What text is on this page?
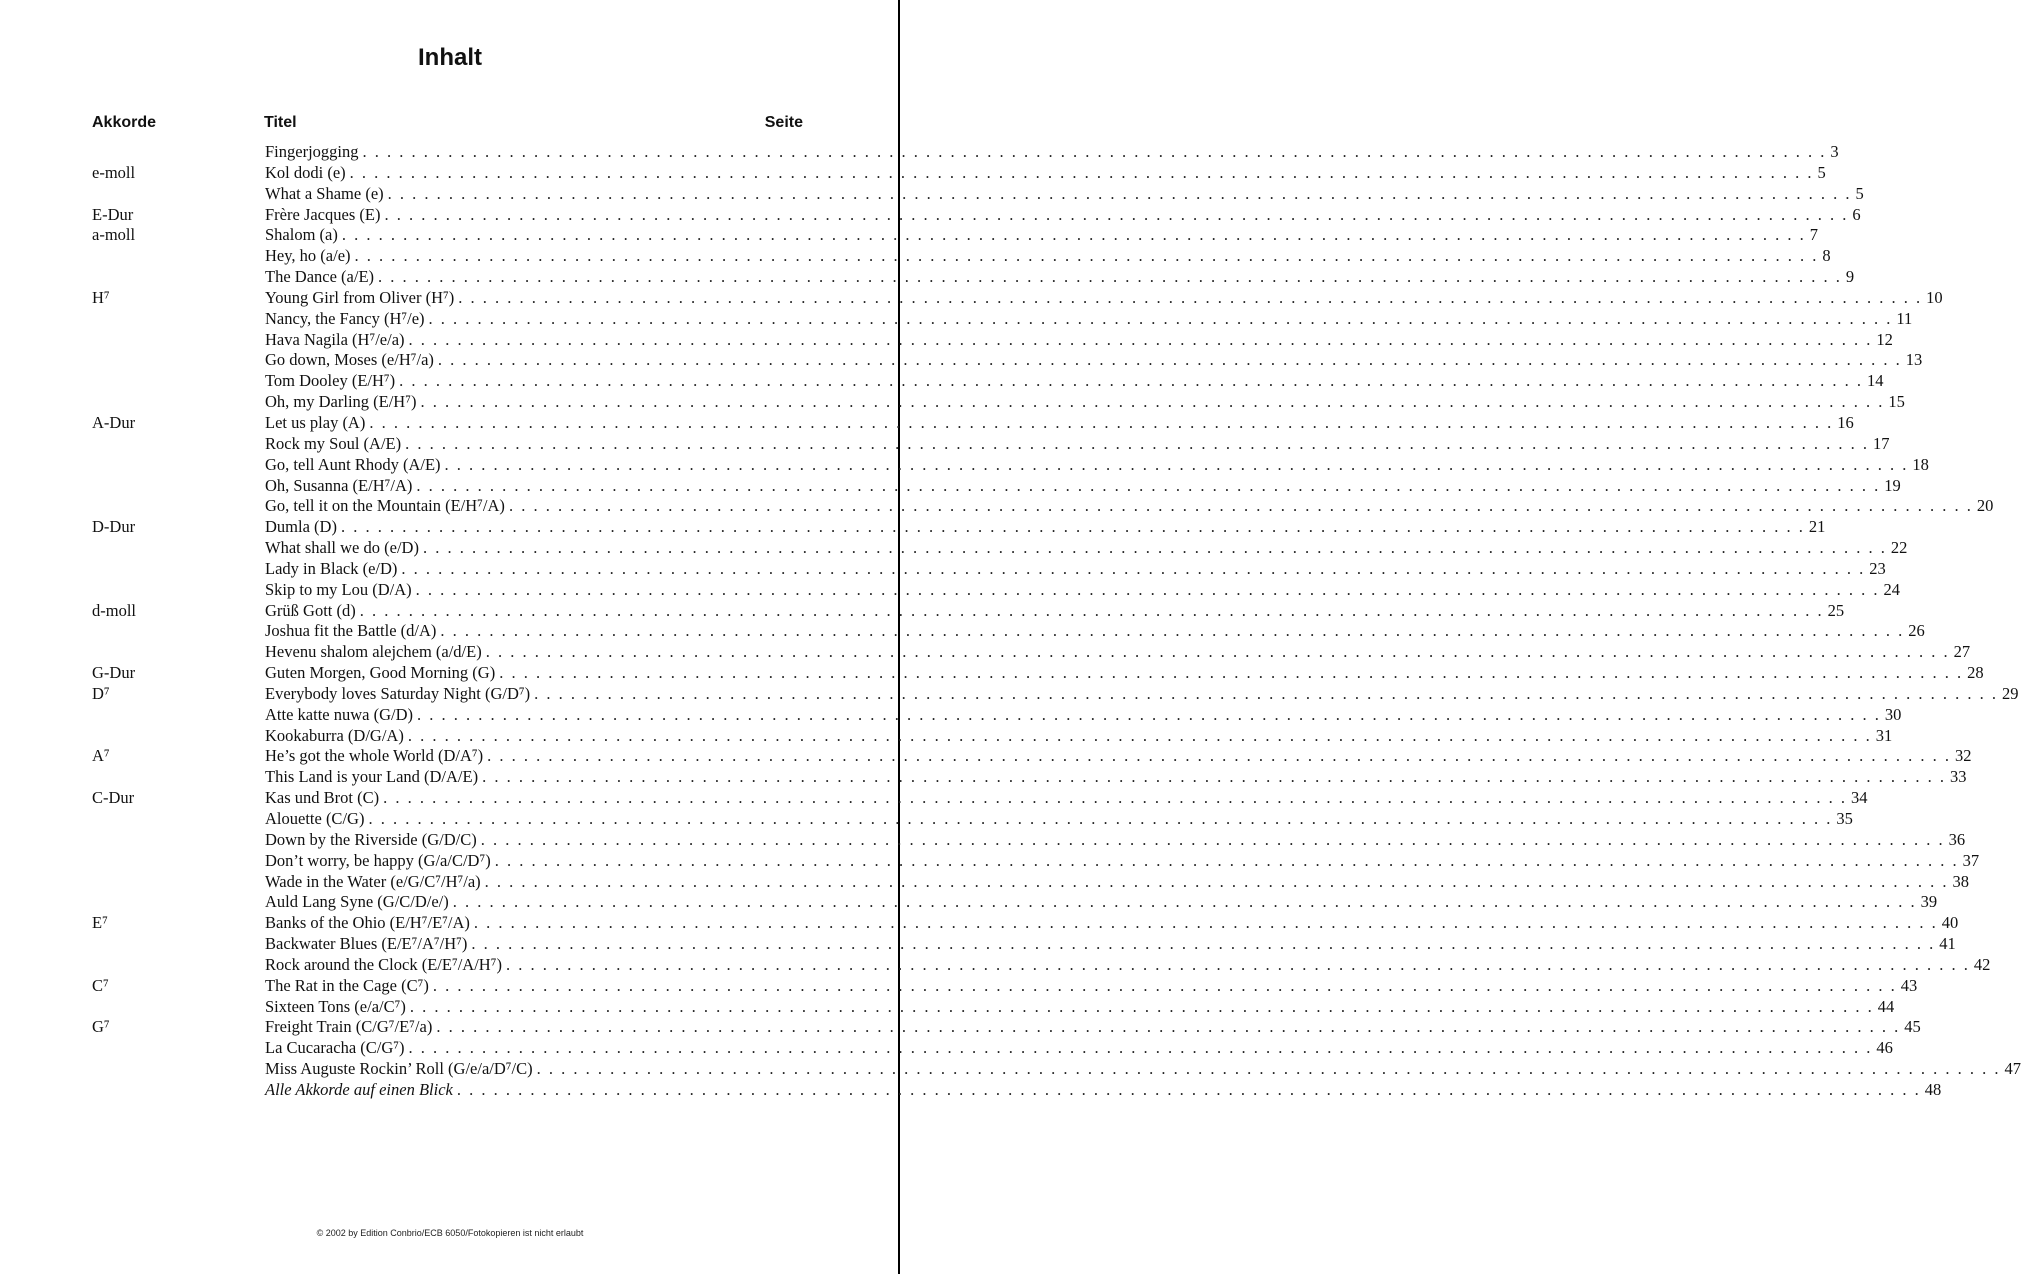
Inhalt
Akkorde	Titel	Seite
Fingerjogging . . . . . . . . . . . . . . . . . . . . . . . . . . . . . . . . . . . . . . . . . . . . . . . . . . . . . . . . . . . . . . . . . . . . . . . . . . . . . . . . . . . . . . . . . . . . . . . . . . . . . . . . . . . . . . . . . . . . . . . . 3
e-moll	Kol dodi (e) . . . . . . . . . . . . . . . . . . . . . . . . . . . . . . . . . . . . . . . . . . . . . . . . . . . . . . . . . . . . . . . . . . . . . . . . . . . . . . . . . . . . . . . . . . . . . . . . . . . . . . . . . . . . . . . . . . . . . . . . 5
What a Shame (e) . . . . . . . . . . . . . . . . . . . . . . . . . . . . . . . . . . . . . . . . . . . . . . . . . . . . . . . . . . . . . . . . . . . . . . . . . . . . . . . . . . . . . . . . . . . . . . . . . . . . . . . . . . . . . . . . . . . . . . . . 5
E-Dur	Frère Jacques (E) . . . . . . . . . . . . . . . . . . . . . . . . . . . . . . . . . . . . . . . . . . . . . . . . . . . . . . . . . . . . . . . . . . . . . . . . . . . . . . . . . . . . . . . . . . . . . . . . . . . . . . . . . . . . . . . . . . . . . . . . 6
a-moll	Shalom (a) . . . . . . . . . . . . . . . . . . . . . . . . . . . . . . . . . . . . . . . . . . . . . . . . . . . . . . . . . . . . . . . . . . . . . . . . . . . . . . . . . . . . . . . . . . . . . . . . . . . . . . . . . . . . . . . . . . . . . . . . 7
Hey, ho (a/e) . . . . . . . . . . . . . . . . . . . . . . . . . . . . . . . . . . . . . . . . . . . . . . . . . . . . . . . . . . . . . . . . . . . . . . . . . . . . . . . . . . . . . . . . . . . . . . . . . . . . . . . . . . . . . . . . . . . . . . . . 8
The Dance (a/E) . . . . . . . . . . . . . . . . . . . . . . . . . . . . . . . . . . . . . . . . . . . . . . . . . . . . . . . . . . . . . . . . . . . . . . . . . . . . . . . . . . . . . . . . . . . . . . . . . . . . . . . . . . . . . . . . . . . . . . . . 9
H⁷	Young Girl from Oliver (H⁷) . . . . . . . . . . . . . . . . . . . . . . . . . . . . . . . . . . . . . . . . . . . . . . . . . . . . . . . . . . . . . . . . . . . . . . . . . . . . . . . . . . . . . . . . . . . . . . . . . . . . . . . . . . . . . . . . . . . . . . . . 10
Nancy, the Fancy (H⁷/e) . . . . . . . . . . . . . . . . . . . . . . . . . . . . . . . . . . . . . . . . . . . . . . . . . . . . . . . . . . . . . . . . . . . . . . . . . . . . . . . . . . . . . . . . . . . . . . . . . . . . . . . . . . . . . . . . . . . . . . . . 11
Hava Nagila (H⁷/e/a) . . . . . . . . . . . . . . . . . . . . . . . . . . . . . . . . . . . . . . . . . . . . . . . . . . . . . . . . . . . . . . . . . . . . . . . . . . . . . . . . . . . . . . . . . . . . . . . . . . . . . . . . . . . . . . . . . . . . . . . . 12
Go down, Moses (e/H⁷/a) . . . . . . . . . . . . . . . . . . . . . . . . . . . . . . . . . . . . . . . . . . . . . . . . . . . . . . . . . . . . . . . . . . . . . . . . . . . . . . . . . . . . . . . . . . . . . . . . . . . . . . . . . . . . . . . . . . . . . . . . 13
Tom Dooley (E/H⁷) . . . . . . . . . . . . . . . . . . . . . . . . . . . . . . . . . . . . . . . . . . . . . . . . . . . . . . . . . . . . . . . . . . . . . . . . . . . . . . . . . . . . . . . . . . . . . . . . . . . . . . . . . . . . . . . . . . . . . . . . 14
Oh, my Darling (E/H⁷) . . . . . . . . . . . . . . . . . . . . . . . . . . . . . . . . . . . . . . . . . . . . . . . . . . . . . . . . . . . . . . . . . . . . . . . . . . . . . . . . . . . . . . . . . . . . . . . . . . . . . . . . . . . . . . . . . . . . . . . . 15
A-Dur	Let us play (A) . . . . . . . . . . . . . . . . . . . . . . . . . . . . . . . . . . . . . . . . . . . . . . . . . . . . . . . . . . . . . . . . . . . . . . . . . . . . . . . . . . . . . . . . . . . . . . . . . . . . . . . . . . . . . . . . . . . . . . . . 16
Rock my Soul (A/E) . . . . . . . . . . . . . . . . . . . . . . . . . . . . . . . . . . . . . . . . . . . . . . . . . . . . . . . . . . . . . . . . . . . . . . . . . . . . . . . . . . . . . . . . . . . . . . . . . . . . . . . . . . . . . . . . . . . . . . . . 17
Go, tell Aunt Rhody (A/E) . . . . . . . . . . . . . . . . . . . . . . . . . . . . . . . . . . . . . . . . . . . . . . . . . . . . . . . . . . . . . . . . . . . . . . . . . . . . . . . . . . . . . . . . . . . . . . . . . . . . . . . . . . . . . . . . . . . . . . . . 18
Oh, Susanna (E/H⁷/A) . . . . . . . . . . . . . . . . . . . . . . . . . . . . . . . . . . . . . . . . . . . . . . . . . . . . . . . . . . . . . . . . . . . . . . . . . . . . . . . . . . . . . . . . . . . . . . . . . . . . . . . . . . . . . . . . . . . . . . . . 19
Go, tell it on the Mountain (E/H⁷/A) . . . . . . . . . . . . . . . . . . . . . . . . . . . . . . . . . . . . . . . . . . . . . . . . . . . . . . . . . . . . . . . . . . . . . . . . . . . . . . . . . . . . . . . . . . . . . . . . . . . . . . . . . . . . . . . . . . . . . . . . 20
D-Dur	Dumla (D) . . . . . . . . . . . . . . . . . . . . . . . . . . . . . . . . . . . . . . . . . . . . . . . . . . . . . . . . . . . . . . . . . . . . . . . . . . . . . . . . . . . . . . . . . . . . . . . . . . . . . . . . . . . . . . . . . . . . . . . . 21
What shall we do (e/D) . . . . . . . . . . . . . . . . . . . . . . . . . . . . . . . . . . . . . . . . . . . . . . . . . . . . . . . . . . . . . . . . . . . . . . . . . . . . . . . . . . . . . . . . . . . . . . . . . . . . . . . . . . . . . . . . . . . . . . . . 22
Lady in Black (e/D) . . . . . . . . . . . . . . . . . . . . . . . . . . . . . . . . . . . . . . . . . . . . . . . . . . . . . . . . . . . . . . . . . . . . . . . . . . . . . . . . . . . . . . . . . . . . . . . . . . . . . . . . . . . . . . . . . . . . . . . . 23
Skip to my Lou (D/A) . . . . . . . . . . . . . . . . . . . . . . . . . . . . . . . . . . . . . . . . . . . . . . . . . . . . . . . . . . . . . . . . . . . . . . . . . . . . . . . . . . . . . . . . . . . . . . . . . . . . . . . . . . . . . . . . . . . . . . . . 24
d-moll	Grüß Gott (d) . . . . . . . . . . . . . . . . . . . . . . . . . . . . . . . . . . . . . . . . . . . . . . . . . . . . . . . . . . . . . . . . . . . . . . . . . . . . . . . . . . . . . . . . . . . . . . . . . . . . . . . . . . . . . . . . . . . . . . . . 25
Joshua fit the Battle (d/A) . . . . . . . . . . . . . . . . . . . . . . . . . . . . . . . . . . . . . . . . . . . . . . . . . . . . . . . . . . . . . . . . . . . . . . . . . . . . . . . . . . . . . . . . . . . . . . . . . . . . . . . . . . . . . . . . . . . . . . . . 26
Hevenu shalom alejchem (a/d/E) . . . . . . . . . . . . . . . . . . . . . . . . . . . . . . . . . . . . . . . . . . . . . . . . . . . . . . . . . . . . . . . . . . . . . . . . . . . . . . . . . . . . . . . . . . . . . . . . . . . . . . . . . . . . . . . . . . . . . . . . 27
G-Dur	Guten Morgen, Good Morning (G) . . . . . . . . . . . . . . . . . . . . . . . . . . . . . . . . . . . . . . . . . . . . . . . . . . . . . . . . . . . . . . . . . . . . . . . . . . . . . . . . . . . . . . . . . . . . . . . . . . . . . . . . . . . . . . . . . . . . . . . . 28
D⁷	Everybody loves Saturday Night (G/D⁷) . . . . . . . . . . . . . . . . . . . . . . . . . . . . . . . . . . . . . . . . . . . . . . . . . . . . . . . . . . . . . . . . . . . . . . . . . . . . . . . . . . . . . . . . . . . . . . . . . . . . . . . . . . . . . . . . . . . . . . . . 29
Atte katte nuwa (G/D) . . . . . . . . . . . . . . . . . . . . . . . . . . . . . . . . . . . . . . . . . . . . . . . . . . . . . . . . . . . . . . . . . . . . . . . . . . . . . . . . . . . . . . . . . . . . . . . . . . . . . . . . . . . . . . . . . . . . . . . . 30
Kookaburra (D/G/A) . . . . . . . . . . . . . . . . . . . . . . . . . . . . . . . . . . . . . . . . . . . . . . . . . . . . . . . . . . . . . . . . . . . . . . . . . . . . . . . . . . . . . . . . . . . . . . . . . . . . . . . . . . . . . . . . . . . . . . . . 31
A⁷	He’s got the whole World (D/A⁷) . . . . . . . . . . . . . . . . . . . . . . . . . . . . . . . . . . . . . . . . . . . . . . . . . . . . . . . . . . . . . . . . . . . . . . . . . . . . . . . . . . . . . . . . . . . . . . . . . . . . . . . . . . . . . . . . . . . . . . . . 32
This Land is your Land (D/A/E) . . . . . . . . . . . . . . . . . . . . . . . . . . . . . . . . . . . . . . . . . . . . . . . . . . . . . . . . . . . . . . . . . . . . . . . . . . . . . . . . . . . . . . . . . . . . . . . . . . . . . . . . . . . . . . . . . . . . . . . . 33
C-Dur	Kas und Brot (C) . . . . . . . . . . . . . . . . . . . . . . . . . . . . . . . . . . . . . . . . . . . . . . . . . . . . . . . . . . . . . . . . . . . . . . . . . . . . . . . . . . . . . . . . . . . . . . . . . . . . . . . . . . . . . . . . . . . . . . . . 34
Alouette (C/G) . . . . . . . . . . . . . . . . . . . . . . . . . . . . . . . . . . . . . . . . . . . . . . . . . . . . . . . . . . . . . . . . . . . . . . . . . . . . . . . . . . . . . . . . . . . . . . . . . . . . . . . . . . . . . . . . . . . . . . . . 35
Down by the Riverside (G/D/C) . . . . . . . . . . . . . . . . . . . . . . . . . . . . . . . . . . . . . . . . . . . . . . . . . . . . . . . . . . . . . . . . . . . . . . . . . . . . . . . . . . . . . . . . . . . . . . . . . . . . . . . . . . . . . . . . . . . . . . . . 36
Don’t worry, be happy (G/a/C/D⁷) . . . . . . . . . . . . . . . . . . . . . . . . . . . . . . . . . . . . . . . . . . . . . . . . . . . . . . . . . . . . . . . . . . . . . . . . . . . . . . . . . . . . . . . . . . . . . . . . . . . . . . . . . . . . . . . . . . . . . . . . 37
Wade in the Water (e/G/C⁷/H⁷/a) . . . . . . . . . . . . . . . . . . . . . . . . . . . . . . . . . . . . . . . . . . . . . . . . . . . . . . . . . . . . . . . . . . . . . . . . . . . . . . . . . . . . . . . . . . . . . . . . . . . . . . . . . . . . . . . . . . . . . . . . 38
Auld Lang Syne (G/C/D/e/) . . . . . . . . . . . . . . . . . . . . . . . . . . . . . . . . . . . . . . . . . . . . . . . . . . . . . . . . . . . . . . . . . . . . . . . . . . . . . . . . . . . . . . . . . . . . . . . . . . . . . . . . . . . . . . . . . . . . . . . . 39
E⁷	Banks of the Ohio (E/H⁷/E⁷/A) . . . . . . . . . . . . . . . . . . . . . . . . . . . . . . . . . . . . . . . . . . . . . . . . . . . . . . . . . . . . . . . . . . . . . . . . . . . . . . . . . . . . . . . . . . . . . . . . . . . . . . . . . . . . . . . . . . . . . . . . 40
Backwater Blues (E/E⁷/A⁷/H⁷) . . . . . . . . . . . . . . . . . . . . . . . . . . . . . . . . . . . . . . . . . . . . . . . . . . . . . . . . . . . . . . . . . . . . . . . . . . . . . . . . . . . . . . . . . . . . . . . . . . . . . . . . . . . . . . . . . . . . . . . . 41
Rock around the Clock (E/E⁷/A/H⁷) . . . . . . . . . . . . . . . . . . . . . . . . . . . . . . . . . . . . . . . . . . . . . . . . . . . . . . . . . . . . . . . . . . . . . . . . . . . . . . . . . . . . . . . . . . . . . . . . . . . . . . . . . . . . . . . . . . . . . . . . 42
C⁷	The Rat in the Cage (C⁷) . . . . . . . . . . . . . . . . . . . . . . . . . . . . . . . . . . . . . . . . . . . . . . . . . . . . . . . . . . . . . . . . . . . . . . . . . . . . . . . . . . . . . . . . . . . . . . . . . . . . . . . . . . . . . . . . . . . . . . . . 43
Sixteen Tons (e/a/C⁷) . . . . . . . . . . . . . . . . . . . . . . . . . . . . . . . . . . . . . . . . . . . . . . . . . . . . . . . . . . . . . . . . . . . . . . . . . . . . . . . . . . . . . . . . . . . . . . . . . . . . . . . . . . . . . . . . . . . . . . . . 44
G⁷	Freight Train (C/G⁷/E⁷/a) . . . . . . . . . . . . . . . . . . . . . . . . . . . . . . . . . . . . . . . . . . . . . . . . . . . . . . . . . . . . . . . . . . . . . . . . . . . . . . . . . . . . . . . . . . . . . . . . . . . . . . . . . . . . . . . . . . . . . . . . 45
La Cucaracha (C/G⁷) . . . . . . . . . . . . . . . . . . . . . . . . . . . . . . . . . . . . . . . . . . . . . . . . . . . . . . . . . . . . . . . . . . . . . . . . . . . . . . . . . . . . . . . . . . . . . . . . . . . . . . . . . . . . . . . . . . . . . . . . 46
Miss Auguste Rockin’ Roll (G/e/a/D⁷/C) . . . . . . . . . . . . . . . . . . . . . . . . . . . . . . . . . . . . . . . . . . . . . . . . . . . . . . . . . . . . . . . . . . . . . . . . . . . . . . . . . . . . . . . . . . . . . . . . . . . . . . . . . . . . . . . . . . . . . . . . 47
Alle Akkorde auf einen Blick . . . . . . . . . . . . . . . . . . . . . . . . . . . . . . . . . . . . . . . . . . . . . . . . . . . . . . . . . . . . . . . . . . . . . . . . . . . . . . . . . . . . . . . . . . . . . . . . . . . . . . . . . . . . . . . . . . . . . . . . 48
© 2002 by Edition Conbrio/ECB 6050/Fotokopieren ist nicht erlaubt
